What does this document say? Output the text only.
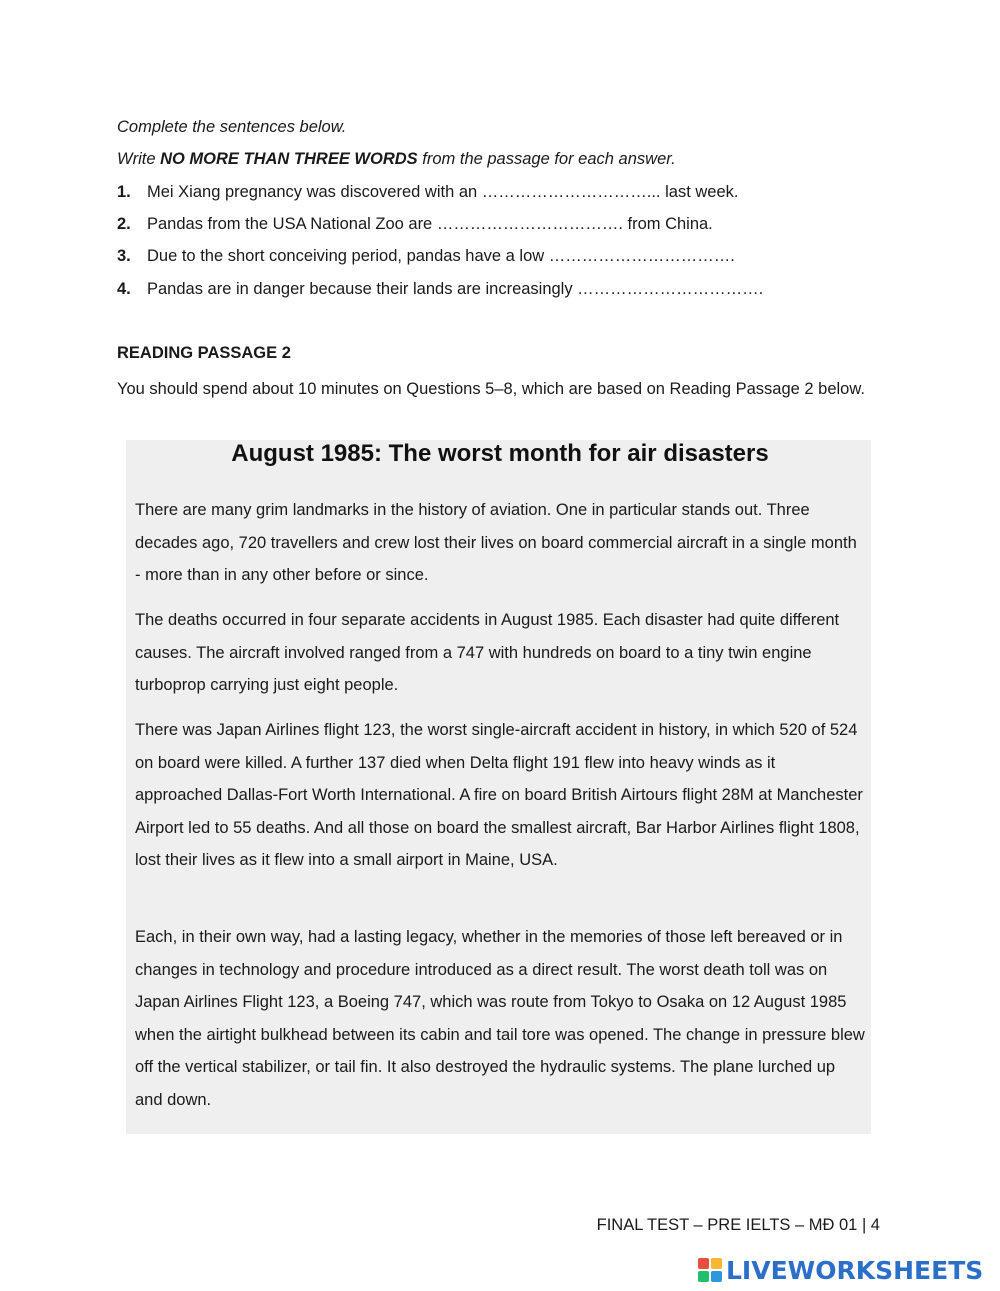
Complete the sentences below.
Write NO MORE THAN THREE WORDS from the passage for each answer.
1. Mei Xiang pregnancy was discovered with an …………………………... last week.
2. Pandas from the USA National Zoo are ……………………………. from China.
3. Due to the short conceiving period, pandas have a low …………………………….
4. Pandas are in danger because their lands are increasingly …………………………….
READING PASSAGE 2
You should spend about 10 minutes on Questions 5–8, which are based on Reading Passage 2 below.
August 1985: The worst month for air disasters
There are many grim landmarks in the history of aviation. One in particular stands out. Three decades ago, 720 travellers and crew lost their lives on board commercial aircraft in a single month - more than in any other before or since.
The deaths occurred in four separate accidents in August 1985. Each disaster had quite different causes. The aircraft involved ranged from a 747 with hundreds on board to a tiny twin engine turboprop carrying just eight people.
There was Japan Airlines flight 123, the worst single-aircraft accident in history, in which 520 of 524 on board were killed. A further 137 died when Delta flight 191 flew into heavy winds as it approached Dallas-Fort Worth International. A fire on board British Airtours flight 28M at Manchester Airport led to 55 deaths. And all those on board the smallest aircraft, Bar Harbor Airlines flight 1808, lost their lives as it flew into a small airport in Maine, USA.
Each, in their own way, had a lasting legacy, whether in the memories of those left bereaved or in changes in technology and procedure introduced as a direct result. The worst death toll was on Japan Airlines Flight 123, a Boeing 747, which was route from Tokyo to Osaka on 12 August 1985 when the airtight bulkhead between its cabin and tail tore was opened. The change in pressure blew off the vertical stabilizer, or tail fin. It also destroyed the hydraulic systems. The plane lurched up and down.
FINAL TEST – PRE IELTS – MĐ 01 | 4
LIVEWORKSHEETS
